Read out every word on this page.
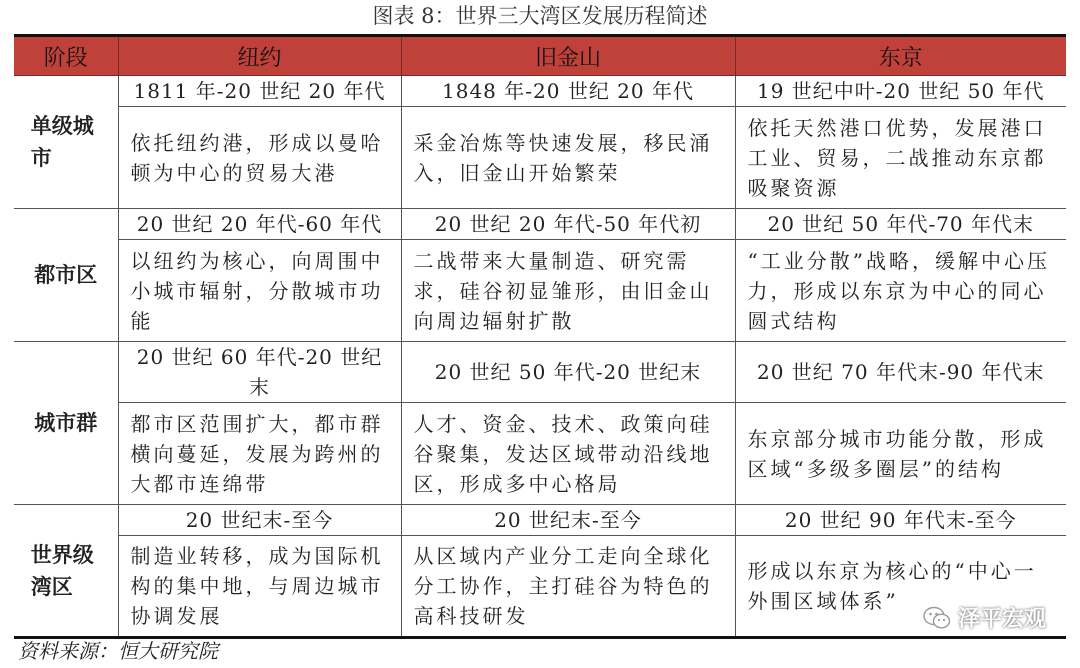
图表 8：世界三大湾区发展历程简述
阶段	纽约	旧金山	东京

单级城市	1811 年-20 世纪 20 年代	1848 年-20 世纪 20 年代	19 世纪中叶-20 世纪 50 年代
	依托纽约港，形成以曼哈顿为中心的贸易大港	采金冶炼等快速发展，移民涌入，旧金山开始繁荣	依托天然港口优势，发展港口工业、贸易，二战推动东京都吸聚资源
都市区	20 世纪 20 年代-60 年代	20 世纪 20 年代-50 年代初	20 世纪 50 年代-70 年代末
	以纽约为核心，向周围中小城市辐射，分散城市功能	二战带来大量制造、研究需求，硅谷初显雏形，由旧金山向周边辐射扩散	“工业分散”战略，缓解中心压力，形成以东京为中心的同心圆式结构
城市群	20 世纪 60 年代-20 世纪末	20 世纪 50 年代-20 世纪末	20 世纪 70 年代末-90 年代末
	都市区范围扩大，都市群横向蔓延，发展为跨州的大都市连绵带	人才、资金、技术、政策向硅谷聚集，发达区域带动沿线地区，形成多中心格局	东京部分城市功能分散，形成区域“多级多圈层”的结构

世界级湾区	20 世纪末-至今	20 世纪末-至今	20 世纪 90 年代末-至今
	制造业转移，成为国际机构的集中地，与周边城市协调发展	从区域内产业分工走向全球化分工协作，主打硅谷为特色的高科技研发	形成以东京为核心的“中心一外围区域体系”
资料来源：恒大研究院
泽平宏观
